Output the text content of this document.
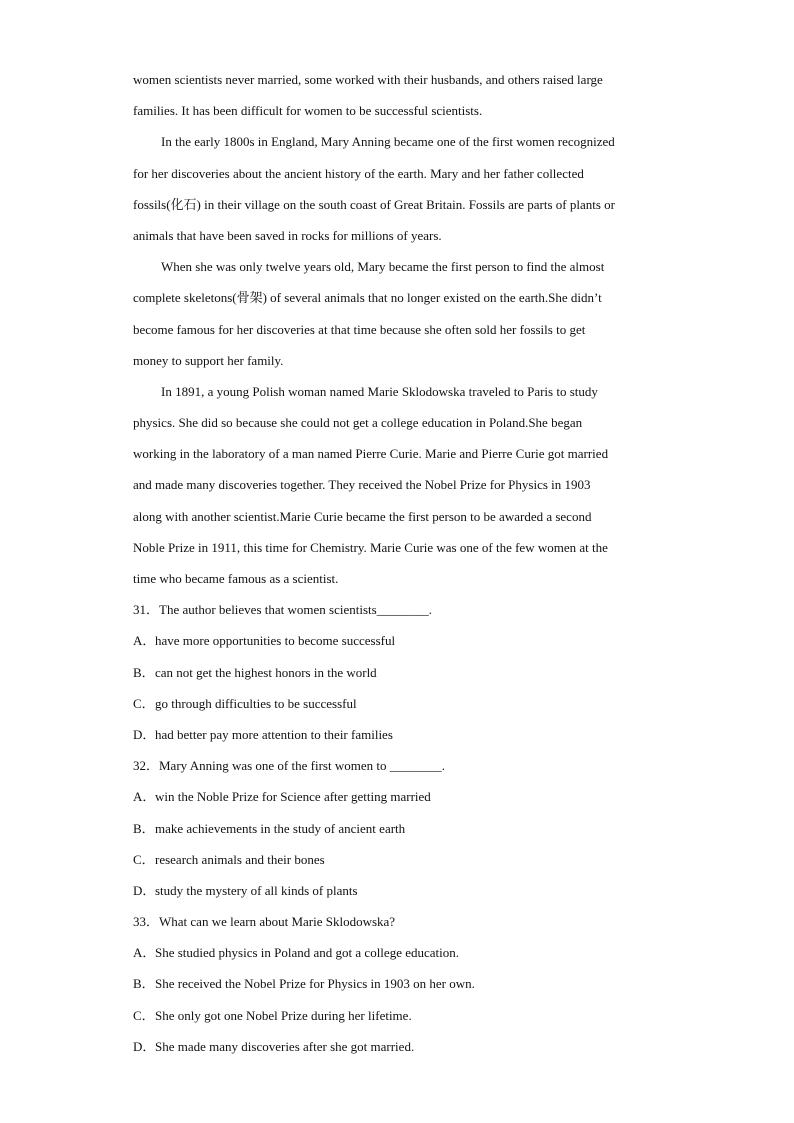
women scientists never married, some worked with their husbands, and others raised large
families. It has been difficult for women to be successful scientists.
In the early 1800s in England, Mary Anning became one of the first women recognized
for her discoveries about the ancient history of the earth. Mary and her father collected
fossils(化石) in their village on the south coast of Great Britain. Fossils are parts of plants or
animals that have been saved in rocks for millions of years.
When she was only twelve years old, Mary became the first person to find the almost
complete skeletons(骨架) of several animals that no longer existed on the earth.She didn’t
become famous for her discoveries at that time because she often sold her fossils to get
money to support her family.
In 1891, a young Polish woman named Marie Sklodowska traveled to Paris to study
physics. She did so because she could not get a college education in Poland.She began
working in the laboratory of a man named Pierre Curie. Marie and Pierre Curie got married
and made many discoveries together. They received the Nobel Prize for Physics in 1903
along with another scientist.Marie Curie became the first person to be awarded a second
Noble Prize in 1911, this time for Chemistry. Marie Curie was one of the few women at the
time who became famous as a scientist.
31．The author believes that women scientists________.
A．have more opportunities to become successful
B．can not get the highest honors in the world
C．go through difficulties to be successful
D．had better pay more attention to their families
32．Mary Anning was one of the first women to ________.
A．win the Noble Prize for Science after getting married
B．make achievements in the study of ancient earth
C．research animals and their bones
D．study the mystery of all kinds of plants
33．What can we learn about Marie Sklodowska?
A．She studied physics in Poland and got a college education.
B．She received the Nobel Prize for Physics in 1903 on her own.
C．She only got one Nobel Prize during her lifetime.
D．She made many discoveries after she got married.
